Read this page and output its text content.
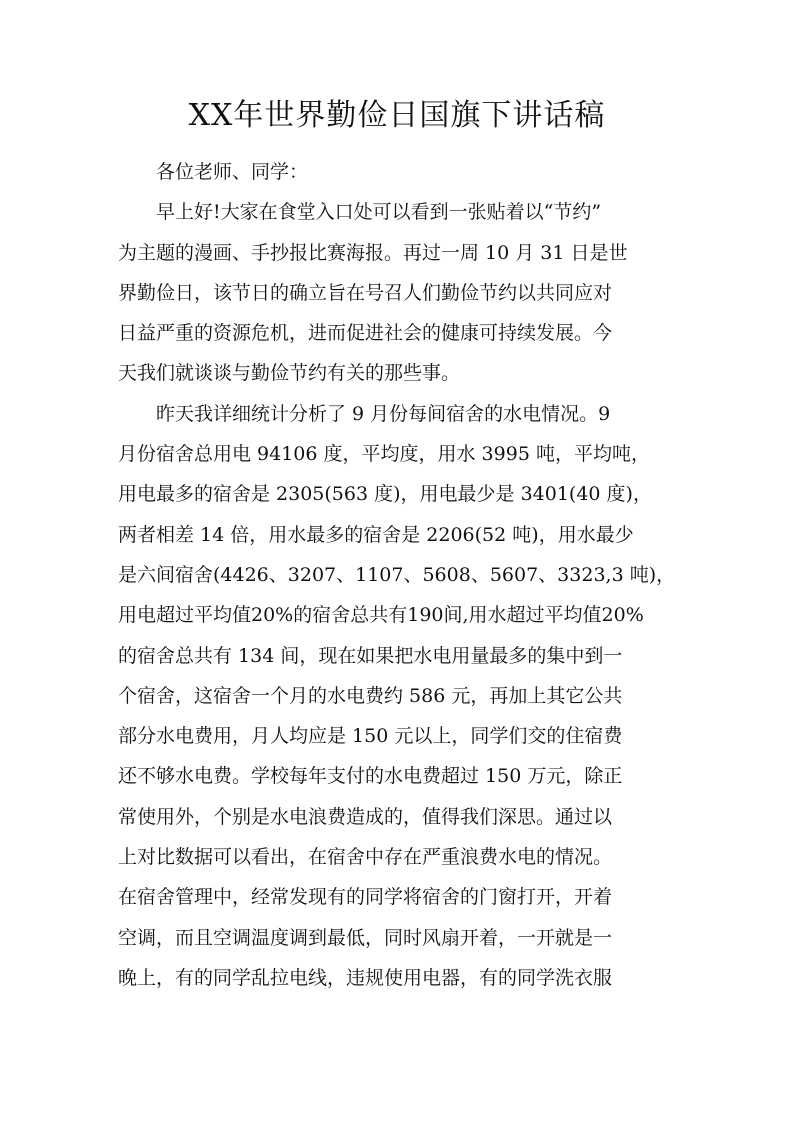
XX年世界勤俭日国旗下讲话稿

各位老师、同学：

早上好!大家在食堂入口处可以看到一张贴着以“节约”
为主题的漫画、手抄报比赛海报。再过一周 10 月 31 日是世
界勤俭日，该节日的确立旨在号召人们勤俭节约以共同应对
日益严重的资源危机，进而促进社会的健康可持续发展。今
天我们就谈谈与勤俭节约有关的那些事。

昨天我详细统计分析了 9 月份每间宿舍的水电情况。9
月份宿舍总用电 94106 度，平均度，用水 3995 吨，平均吨，
用电最多的宿舍是 2305(563 度)，用电最少是 3401(40 度)，
两者相差 14 倍，用水最多的宿舍是 2206(52 吨)，用水最少
是六间宿舍(4426、3207、1107、5608、5607、3323,3 吨)，
用电超过平均值20%的宿舍总共有190间,用水超过平均值20%
的宿舍总共有 134 间，现在如果把水电用量最多的集中到一
个宿舍，这宿舍一个月的水电费约 586 元，再加上其它公共
部分水电费用，月人均应是 150 元以上，同学们交的住宿费
还不够水电费。学校每年支付的水电费超过 150 万元，除正
常使用外，个别是水电浪费造成的，值得我们深思。通过以
上对比数据可以看出，在宿舍中存在严重浪费水电的情况。
在宿舍管理中，经常发现有的同学将宿舍的门窗打开，开着
空调，而且空调温度调到最低，同时风扇开着，一开就是一
晚上，有的同学乱拉电线，违规使用电器，有的同学洗衣服
